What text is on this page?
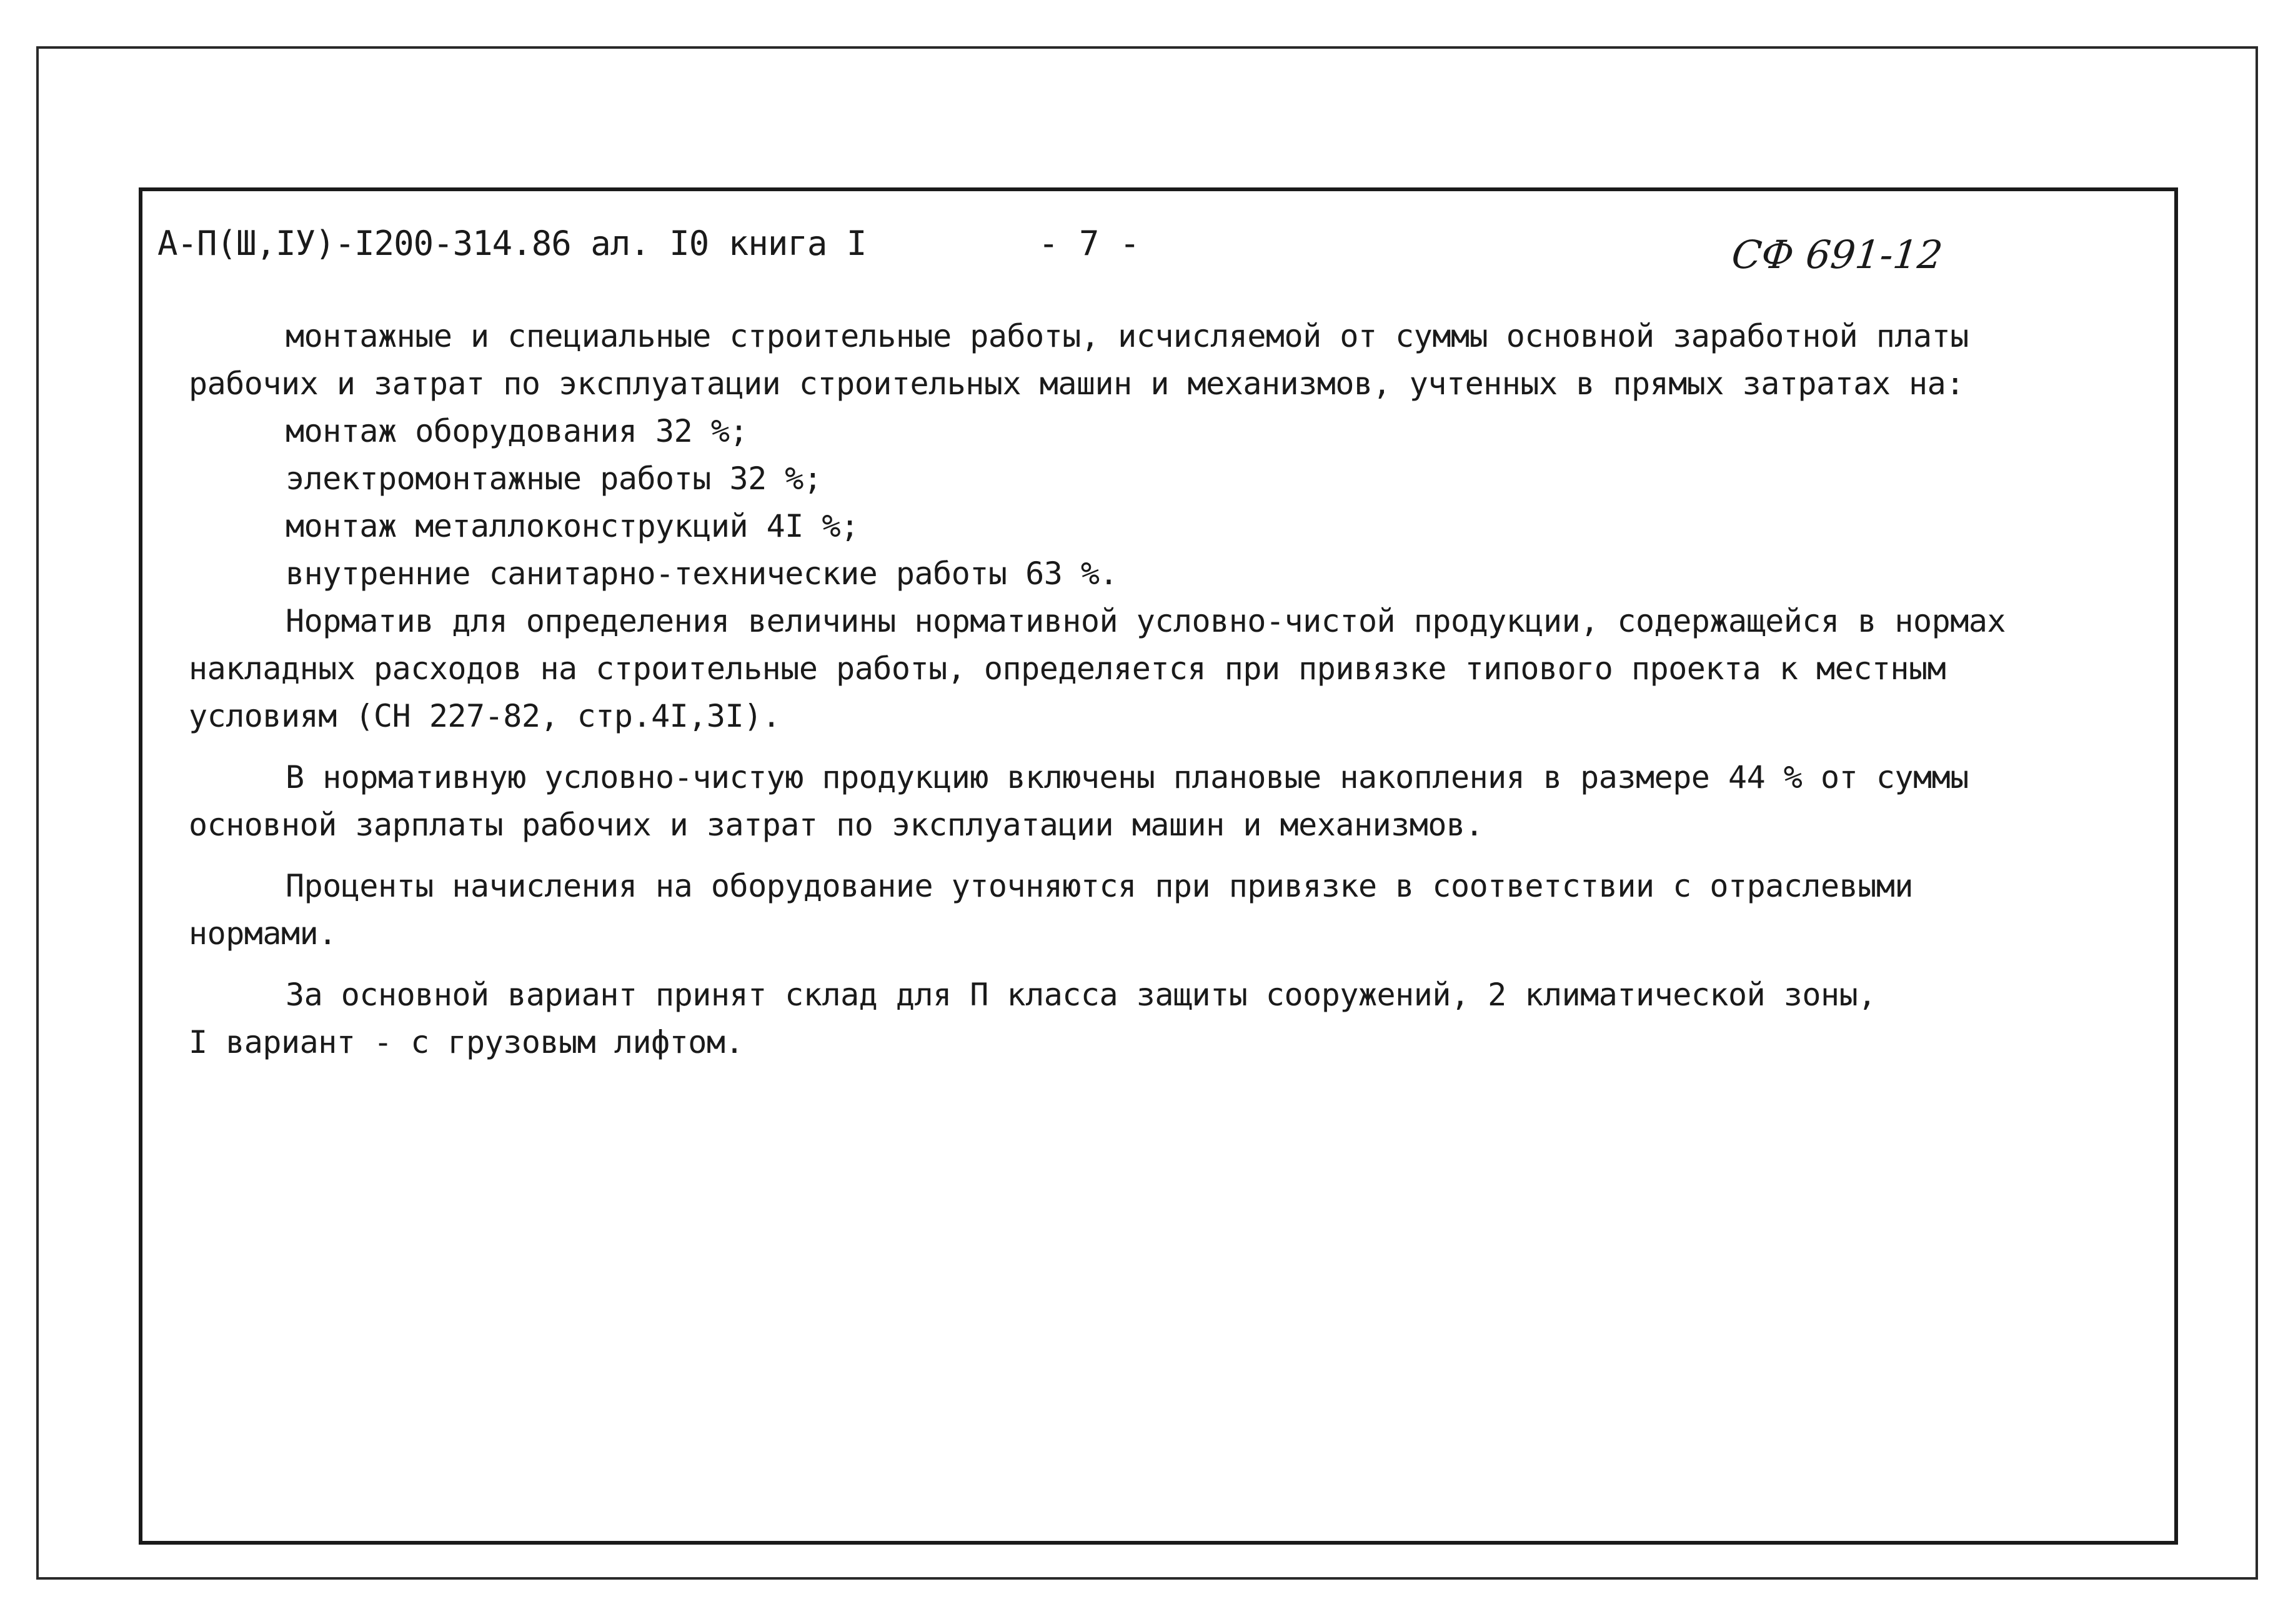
А-П(Ш,IУ)-I200-314.86 ал. I0 книга I	- 7 -	СФ 691-12
монтажные и специальные строительные работы, исчисляемой от суммы основной заработной платы
рабочих и затрат по эксплуатации строительных машин и механизмов, учтенных в прямых затратах на:
монтаж оборудования 32 %;
электромонтажные работы 32 %;
монтаж металлоконструкций 4I %;
внутренние санитарно-технические работы 63 %.
Норматив для определения величины нормативной условно-чистой продукции, содержащейся в нормах
накладных расходов на строительные работы, определяется при привязке типового проекта к местным
условиям (СН 227-82, стр.4I,3I).
В нормативную условно-чистую продукцию включены плановые накопления в размере 44 % от суммы
основной зарплаты рабочих и затрат по эксплуатации машин и механизмов.
Проценты начисления на оборудование уточняются при привязке в соответствии с отраслевыми
нормами.
За основной вариант принят склад для П класса защиты сооружений, 2 климатической зоны,
I вариант - с грузовым лифтом.
